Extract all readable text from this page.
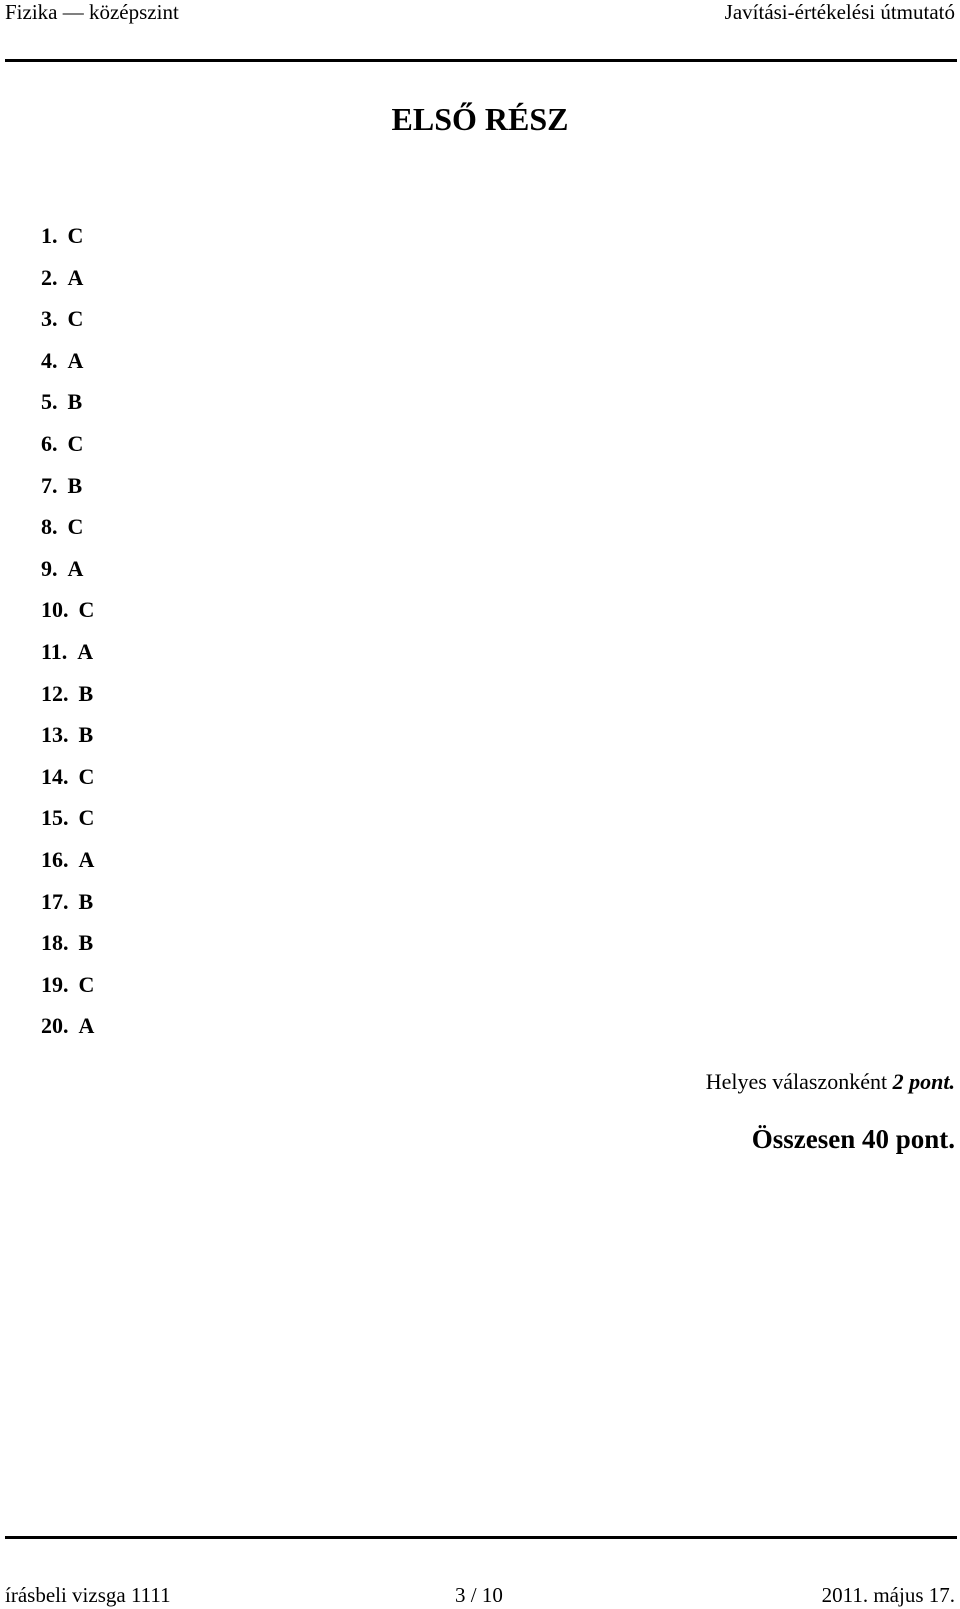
Fizika — középszint	Javítási-értékelési útmutató
ELSŐ RÉSZ
1. C
2. A
3. C
4. A
5. B
6. C
7. B
8. C
9. A
10. C
11. A
12. B
13. B
14. C
15. C
16. A
17. B
18. B
19. C
20. A
Helyes válaszonként 2 pont.
Összesen 40 pont.
írásbeli vizsga 1111	3 / 10	2011. május 17.
